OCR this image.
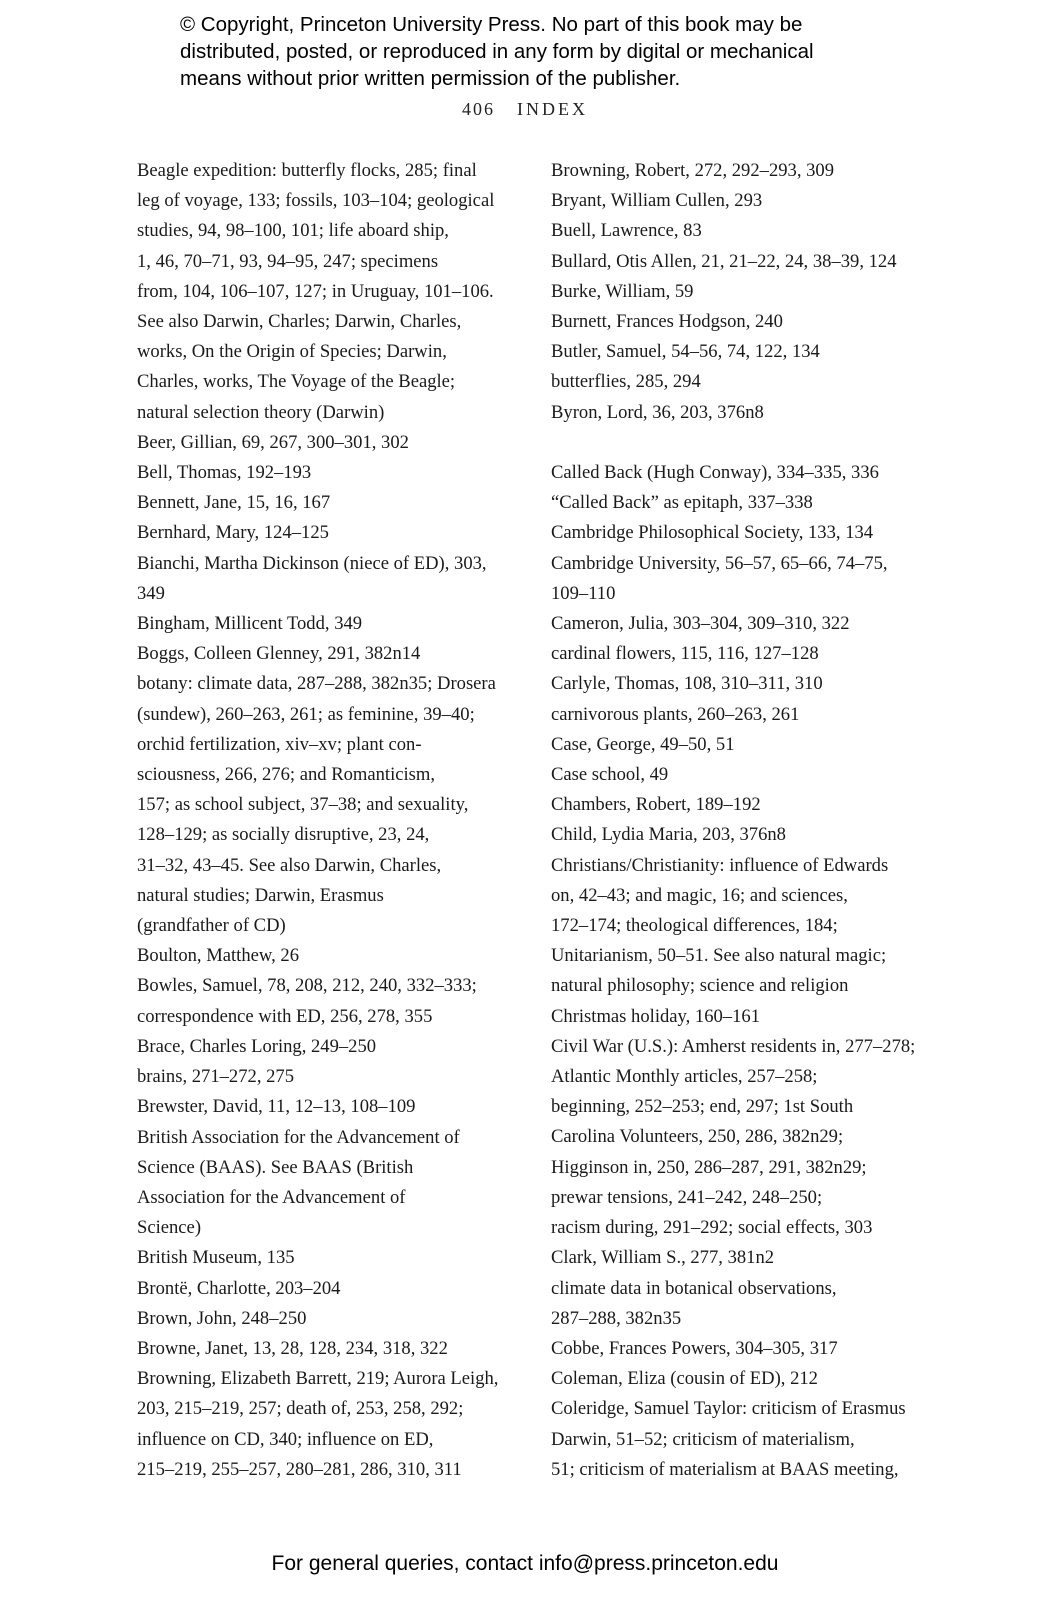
© Copyright, Princeton University Press. No part of this book may be
distributed, posted, or reproduced in any form by digital or mechanical
means without prior written permission of the publisher.
406 INDEX
Beagle expedition: butterfly flocks, 285; final
leg of voyage, 133; fossils, 103–104; geological
studies, 94, 98–100, 101; life aboard ship,
1, 46, 70–71, 93, 94–95, 247; specimens
from, 104, 106–107, 127; in Uruguay, 101–106.
See also Darwin, Charles; Darwin, Charles,
works, On the Origin of Species; Darwin,
Charles, works, The Voyage of the Beagle;
natural selection theory (Darwin)
Beer, Gillian, 69, 267, 300–301, 302
Bell, Thomas, 192–193
Bennett, Jane, 15, 16, 167
Bernhard, Mary, 124–125
Bianchi, Martha Dickinson (niece of ED), 303,
349
Bingham, Millicent Todd, 349
Boggs, Colleen Glenney, 291, 382n14
botany: climate data, 287–288, 382n35; Drosera
(sundew), 260–263, 261; as feminine, 39–40;
orchid fertilization, xiv–xv; plant con-
sciousness, 266, 276; and Romanticism,
157; as school subject, 37–38; and sexuality,
128–129; as socially disruptive, 23, 24,
31–32, 43–45. See also Darwin, Charles,
natural studies; Darwin, Erasmus
(grandfather of CD)
Boulton, Matthew, 26
Bowles, Samuel, 78, 208, 212, 240, 332–333;
correspondence with ED, 256, 278, 355
Brace, Charles Loring, 249–250
brains, 271–272, 275
Brewster, David, 11, 12–13, 108–109
British Association for the Advancement of
Science (BAAS). See BAAS (British
Association for the Advancement of
Science)
British Museum, 135
Brontë, Charlotte, 203–204
Brown, John, 248–250
Browne, Janet, 13, 28, 128, 234, 318, 322
Browning, Elizabeth Barrett, 219; Aurora Leigh,
203, 215–219, 257; death of, 253, 258, 292;
influence on CD, 340; influence on ED,
215–219, 255–257, 280–281, 286, 310, 311
Browning, Robert, 272, 292–293, 309
Bryant, William Cullen, 293
Buell, Lawrence, 83
Bullard, Otis Allen, 21, 21–22, 24, 38–39, 124
Burke, William, 59
Burnett, Frances Hodgson, 240
Butler, Samuel, 54–56, 74, 122, 134
butterflies, 285, 294
Byron, Lord, 36, 203, 376n8
Called Back (Hugh Conway), 334–335, 336
“Called Back” as epitaph, 337–338
Cambridge Philosophical Society, 133, 134
Cambridge University, 56–57, 65–66, 74–75,
109–110
Cameron, Julia, 303–304, 309–310, 322
cardinal flowers, 115, 116, 127–128
Carlyle, Thomas, 108, 310–311, 310
carnivorous plants, 260–263, 261
Case, George, 49–50, 51
Case school, 49
Chambers, Robert, 189–192
Child, Lydia Maria, 203, 376n8
Christians/Christianity: influence of Edwards
on, 42–43; and magic, 16; and sciences,
172–174; theological differences, 184;
Unitarianism, 50–51. See also natural magic;
natural philosophy; science and religion
Christmas holiday, 160–161
Civil War (U.S.): Amherst residents in, 277–278;
Atlantic Monthly articles, 257–258;
beginning, 252–253; end, 297; 1st South
Carolina Volunteers, 250, 286, 382n29;
Higginson in, 250, 286–287, 291, 382n29;
prewar tensions, 241–242, 248–250;
racism during, 291–292; social effects, 303
Clark, William S., 277, 381n2
climate data in botanical observations,
287–288, 382n35
Cobbe, Frances Powers, 304–305, 317
Coleman, Eliza (cousin of ED), 212
Coleridge, Samuel Taylor: criticism of Erasmus
Darwin, 51–52; criticism of materialism,
51; criticism of materialism at BAAS meeting,
For general queries, contact info@press.princeton.edu
